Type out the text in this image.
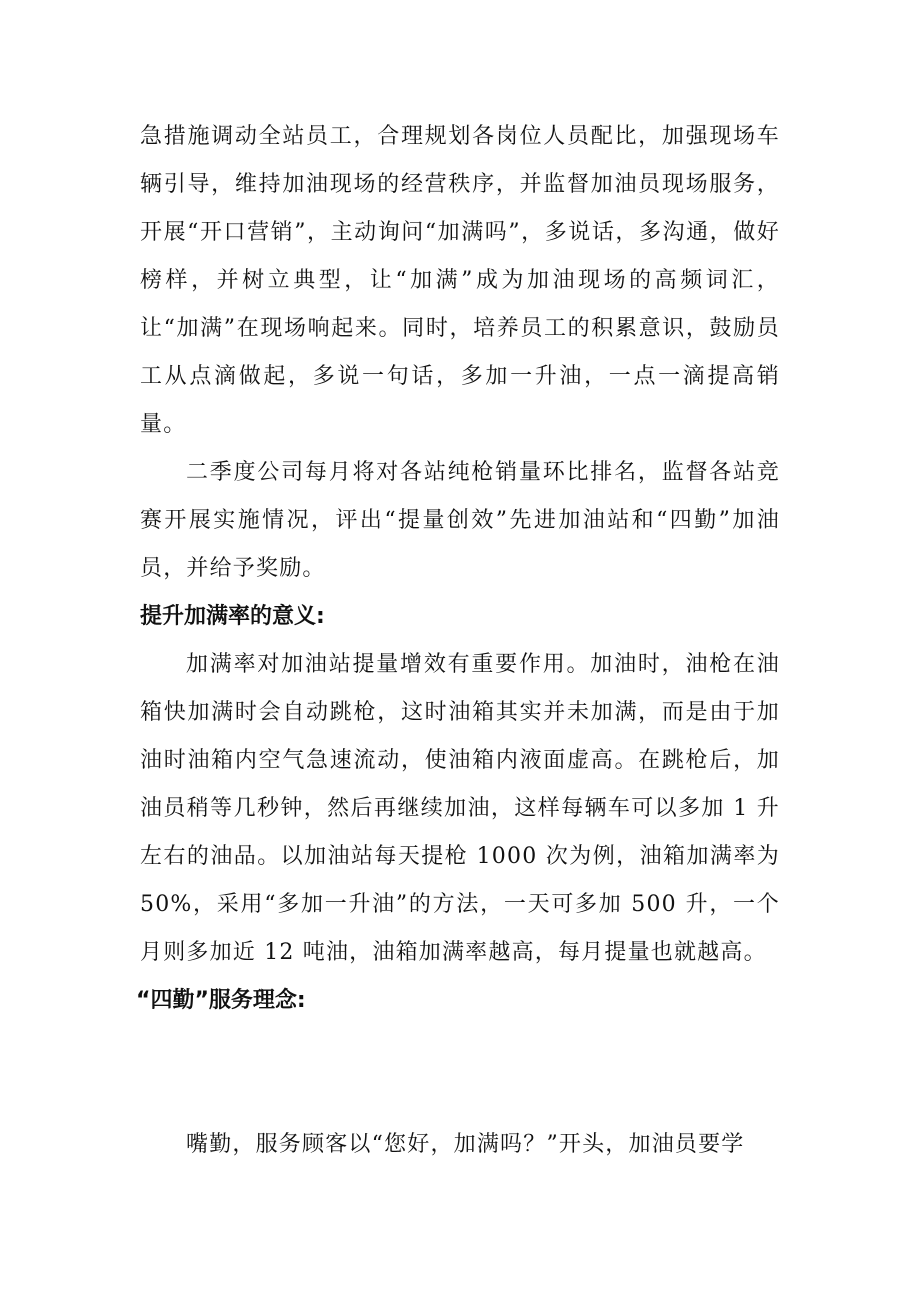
急措施调动全站员工，合理规划各岗位人员配比，加强现场车辆引导，维持加油现场的经营秩序，并监督加油员现场服务，开展“开口营销”，主动询问“加满吗”，多说话，多沟通，做好榜样，并树立典型，让“加满”成为加油现场的高频词汇，让“加满”在现场响起来。同时，培养员工的积累意识，鼓励员工从点滴做起，多说一句话，多加一升油，一点一滴提高销量。

二季度公司每月将对各站纯枪销量环比排名，监督各站竞赛开展实施情况，评出“提量创效”先进加油站和“四勤”加油员，并给予奖励。

提升加满率的意义:

加满率对加油站提量增效有重要作用。加油时，油枪在油箱快加满时会自动跳枪，这时油箱其实并未加满，而是由于加油时油箱内空气急速流动，使油箱内液面虚高。在跳枪后，加油员稍等几秒钟，然后再继续加油，这样每辆车可以多加 1 升左右的油品。以加油站每天提枪 1000 次为例，油箱加满率为 50%，采用“多加一升油”的方法，一天可多加 500 升，一个月则多加近 12 吨油，油箱加满率越高，每月提量也就越高。

“四勤”服务理念:

嘴勤，服务顾客以“您好，加满吗？”开头，加油员要学
